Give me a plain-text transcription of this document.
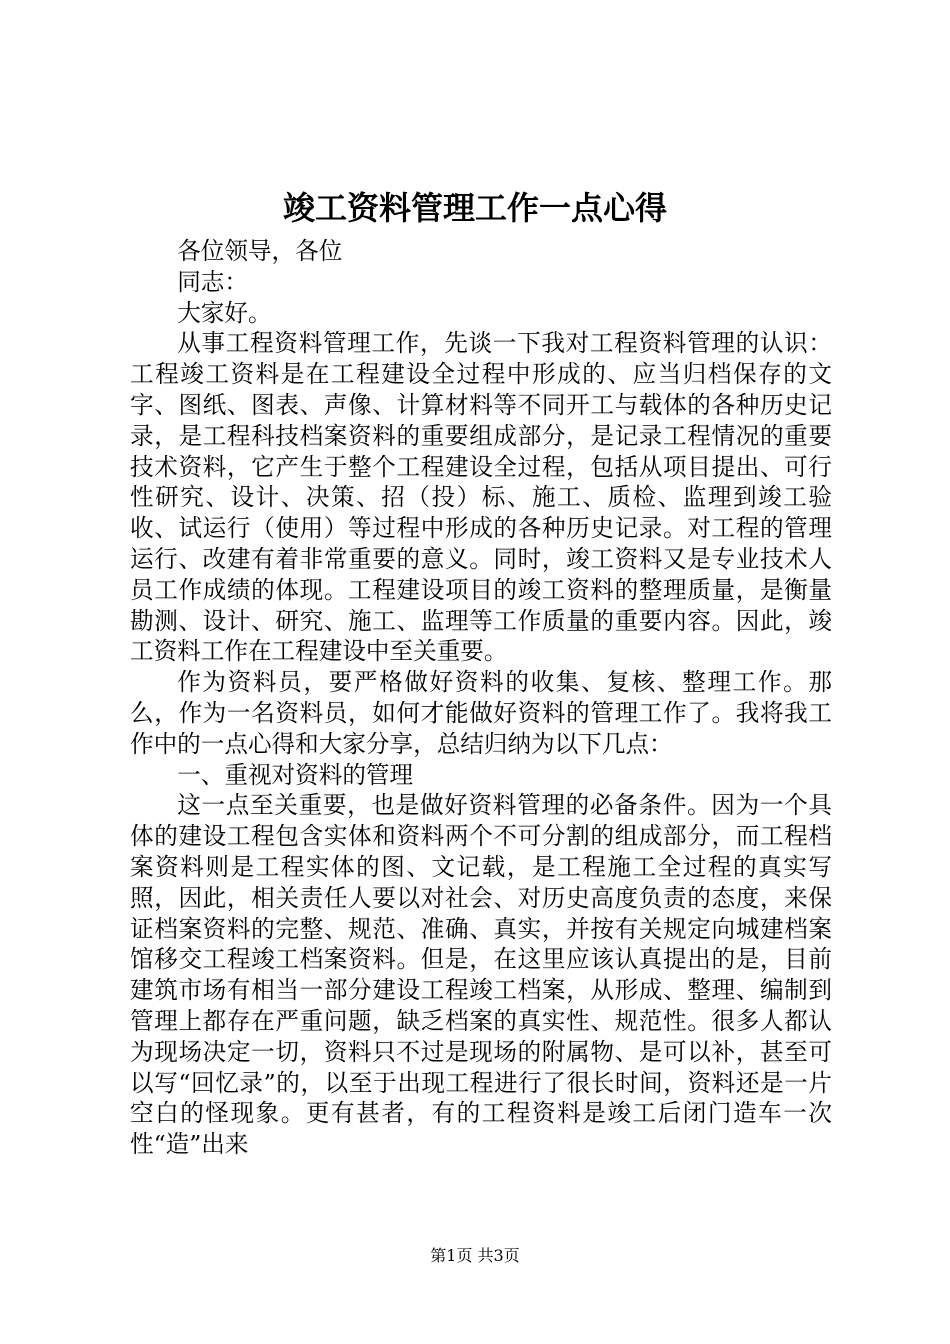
竣工资料管理工作一点心得

各位领导，各位

同志：

大家好。

从事工程资料管理工作，先谈一下我对工程资料管理的认识：工程竣工资料是在工程建设全过程中形成的、应当归档保存的文字、图纸、图表、声像、计算材料等不同开工与载体的各种历史记录，是工程科技档案资料的重要组成部分，是记录工程情况的重要技术资料，它产生于整个工程建设全过程，包括从项目提出、可行性研究、设计、决策、招（投）标、施工、质检、监理到竣工验收、试运行（使用）等过程中形成的各种历史记录。对工程的管理运行、改建有着非常重要的意义。同时，竣工资料又是专业技术人员工作成绩的体现。工程建设项目的竣工资料的整理质量，是衡量勘测、设计、研究、施工、监理等工作质量的重要内容。因此，竣工资料工作在工程建设中至关重要。

作为资料员，要严格做好资料的收集、复核、整理工作。那么，作为一名资料员，如何才能做好资料的管理工作了。我将我工作中的一点心得和大家分享，总结归纳为以下几点：

一、重视对资料的管理

这一点至关重要，也是做好资料管理的必备条件。因为一个具体的建设工程包含实体和资料两个不可分割的组成部分，而工程档案资料则是工程实体的图、文记载，是工程施工全过程的真实写照，因此，相关责任人要以对社会、对历史高度负责的态度，来保证档案资料的完整、规范、准确、真实，并按有关规定向城建档案馆移交工程竣工档案资料。但是，在这里应该认真提出的是，目前建筑市场有相当一部分建设工程竣工档案，从形成、整理、编制到管理上都存在严重问题，缺乏档案的真实性、规范性。很多人都认为现场决定一切，资料只不过是现场的附属物、是可以补，甚至可以写“回忆录”的，以至于出现工程进行了很长时间，资料还是一片空白的怪现象。更有甚者，有的工程资料是竣工后闭门造车一次性“造”出来

第1页 共3页
